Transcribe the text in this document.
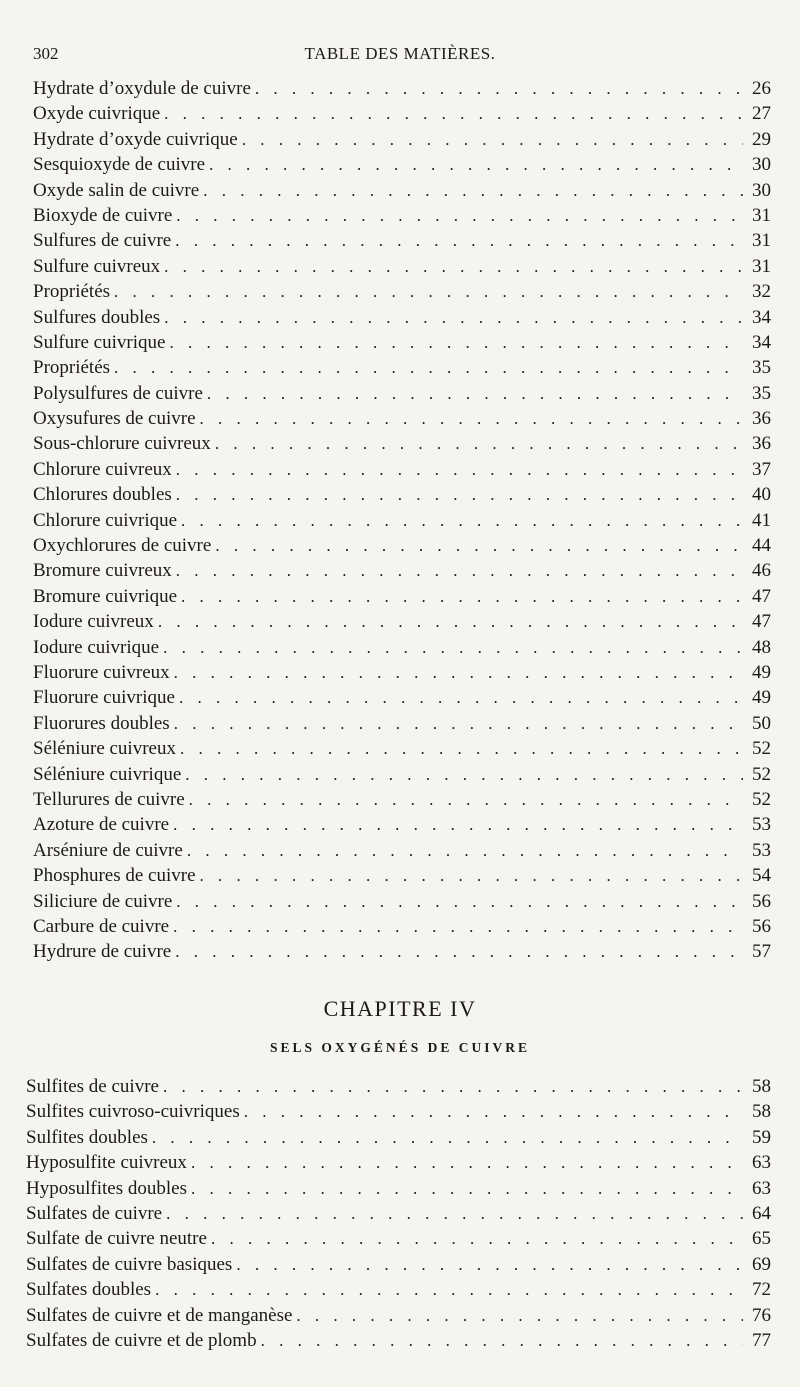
302	TABLE DES MATIÈRES.
Hydrate d’oxydule de cuivre . . .	26
Oxyde cuivrique . . .	27
Hydrate d’oxyde cuivrique . . .	29
Sesquioxyde de cuivre . . .	30
Oxyde salin de cuivre . . .	30
Bioxyde de cuivre . . .	31
Sulfures de cuivre . . .	31
Sulfure cuivreux . . .	31
Propriétés . . .	32
Sulfures doubles . . .	34
Sulfure cuivrique . . .	34
Propriétés . . .	35
Polysulfures de cuivre . . .	35
Oxysufures de cuivre . . .	36
Sous-chlorure cuivreux . . .	36
Chlorure cuivreux . . .	37
Chlorures doubles . . .	40
Chlorure cuivrique . . .	41
Oxychlorures de cuivre . . .	44
Bromure cuivreux . . .	46
Bromure cuivrique . . .	47
Iodure cuivreux . . .	47
Iodure cuivrique . . .	48
Fluorure cuivreux . . .	49
Fluorure cuivrique . . .	49
Fluorures doubles . . .	50
Séléniure cuivreux . . .	52
Séléniure cuivrique . . .	52
Tellurures de cuivre . . .	52
Azoture de cuivre . . .	53
Arséniure de cuivre . . .	53
Phosphures de cuivre . . .	54
Siliciure de cuivre . . .	56
Carbure de cuivre . . .	56
Hydrure de cuivre . . .	57
CHAPITRE IV
SELS OXYGÉNÉS DE CUIVRE
Sulfites de cuivre . . .	58
Sulfites cuivroso-cuivriques . . .	58
Sulfites doubles . . .	59
Hyposulfite cuivreux . . .	63
Hyposulfites doubles . . .	63
Sulfates de cuivre . . .	64
Sulfate de cuivre neutre . . .	65
Sulfates de cuivre basiques . . .	69
Sulfates doubles . . .	72
Sulfates de cuivre et de manganèse . . .	76
Sulfates de cuivre et de plomb . . .	77
